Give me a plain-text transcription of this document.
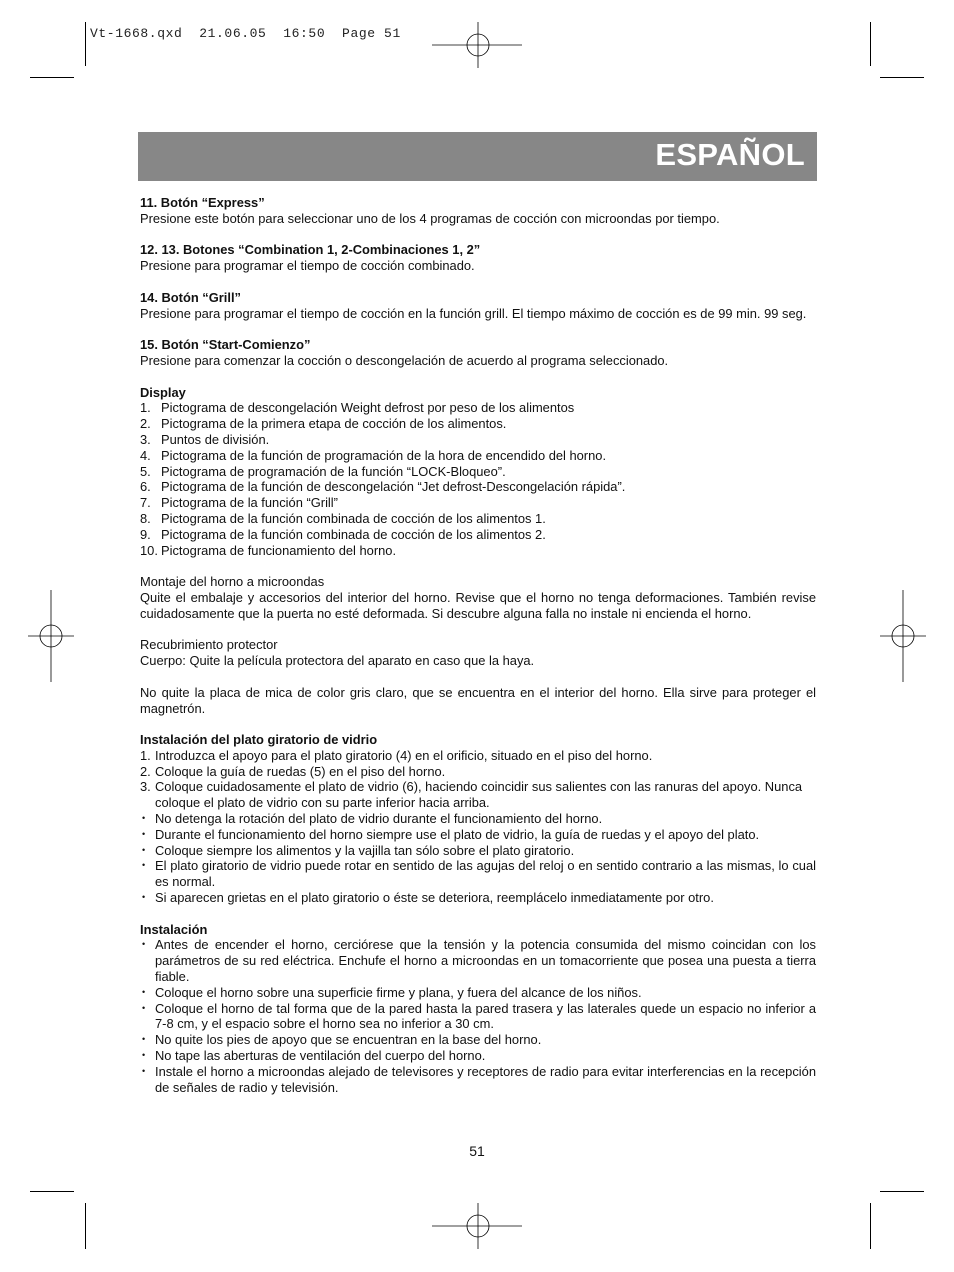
Vt-1668.qxd  21.06.05  16:50  Page 51
ESPAÑOL
11. Botón “Express”

Presione este botón para seleccionar uno de los 4 programas de cocción con microondas por tiempo.

12. 13. Botones “Combination 1, 2-Combinaciones 1, 2”

Presione para programar el tiempo de cocción combinado.

14. Botón “Grill”

Presione para programar el tiempo de cocción en la función grill. El tiempo máximo de cocción es de 99 min. 99 seg.

15. Botón “Start-Comienzo”

Presione para comenzar la cocción o descongelación de acuerdo al programa seleccionado.

Display
1. Pictograma de descongelación Weight defrost por peso de los alimentos
2. Pictograma de la primera etapa de cocción de los alimentos.
3. Puntos de división.
4. Pictograma de la función de programación de la hora de encendido del horno.
5. Pictograma de programación de la función “LOCK-Bloqueo”.
6. Pictograma de la función de descongelación “Jet defrost-Descongelación rápida”.
7. Pictograma de la función “Grill”
8. Pictograma de la función combinada de cocción de los alimentos 1.
9. Pictograma de la función combinada de cocción de los alimentos 2.
10. Pictograma de funcionamiento del horno.

Montaje del horno a microondas

Quite el embalaje y accesorios del interior del horno. Revise que el horno no tenga deformaciones. También revise cuidadosamente que la puerta no esté deformada. Si descubre alguna falla no instale ni encienda el horno.

Recubrimiento protector

Cuerpo: Quite la película protectora del aparato en caso que la haya.

No quite la placa de mica de color gris claro, que se encuentra en el interior del horno. Ella sirve para proteger el magnetrón.

Instalación del plato giratorio de vidrio
1. Introduzca el apoyo para el plato giratorio (4) en el orificio, situado en el piso del horno.
2. Coloque la guía de ruedas (5) en el piso del horno.
3. Coloque cuidadosamente el plato de vidrio (6), haciendo coincidir sus salientes con las ranuras del apoyo. Nunca coloque el plato de vidrio con su parte inferior hacia arriba.
• No detenga la rotación del plato de vidrio durante el funcionamiento del horno.
• Durante el funcionamiento del horno siempre use el plato de vidrio, la guía de ruedas y el apoyo del plato.
• Coloque siempre los alimentos y la vajilla tan sólo sobre el plato giratorio.
• El plato giratorio de vidrio puede rotar en sentido de las agujas del reloj o en sentido contrario a las mismas, lo cual es normal.
• Si aparecen grietas en el plato giratorio o éste se deteriora, reemplácelo inmediatamente por otro.
Instalación
• Antes de encender el horno, cerciórese que la tensión y la potencia consumida del mismo coincidan con los parámetros de su red eléctrica. Enchufe el horno a microondas en un tomacorriente que posea una puesta a tierra fiable.
• Coloque el horno sobre una superficie firme y plana, y fuera del alcance de los niños.
• Coloque el horno de tal forma que de la pared hasta la pared trasera y las laterales quede un espacio no inferior a 7-8 cm, y el espacio sobre el horno sea no inferior a 30 cm.
• No quite los pies de apoyo que se encuentran en la base del horno.
• No tape las aberturas de ventilación del cuerpo del horno.
• Instale el horno a microondas alejado de televisores y receptores de radio para evitar interferencias en la recepción de señales de radio y televisión.
51
